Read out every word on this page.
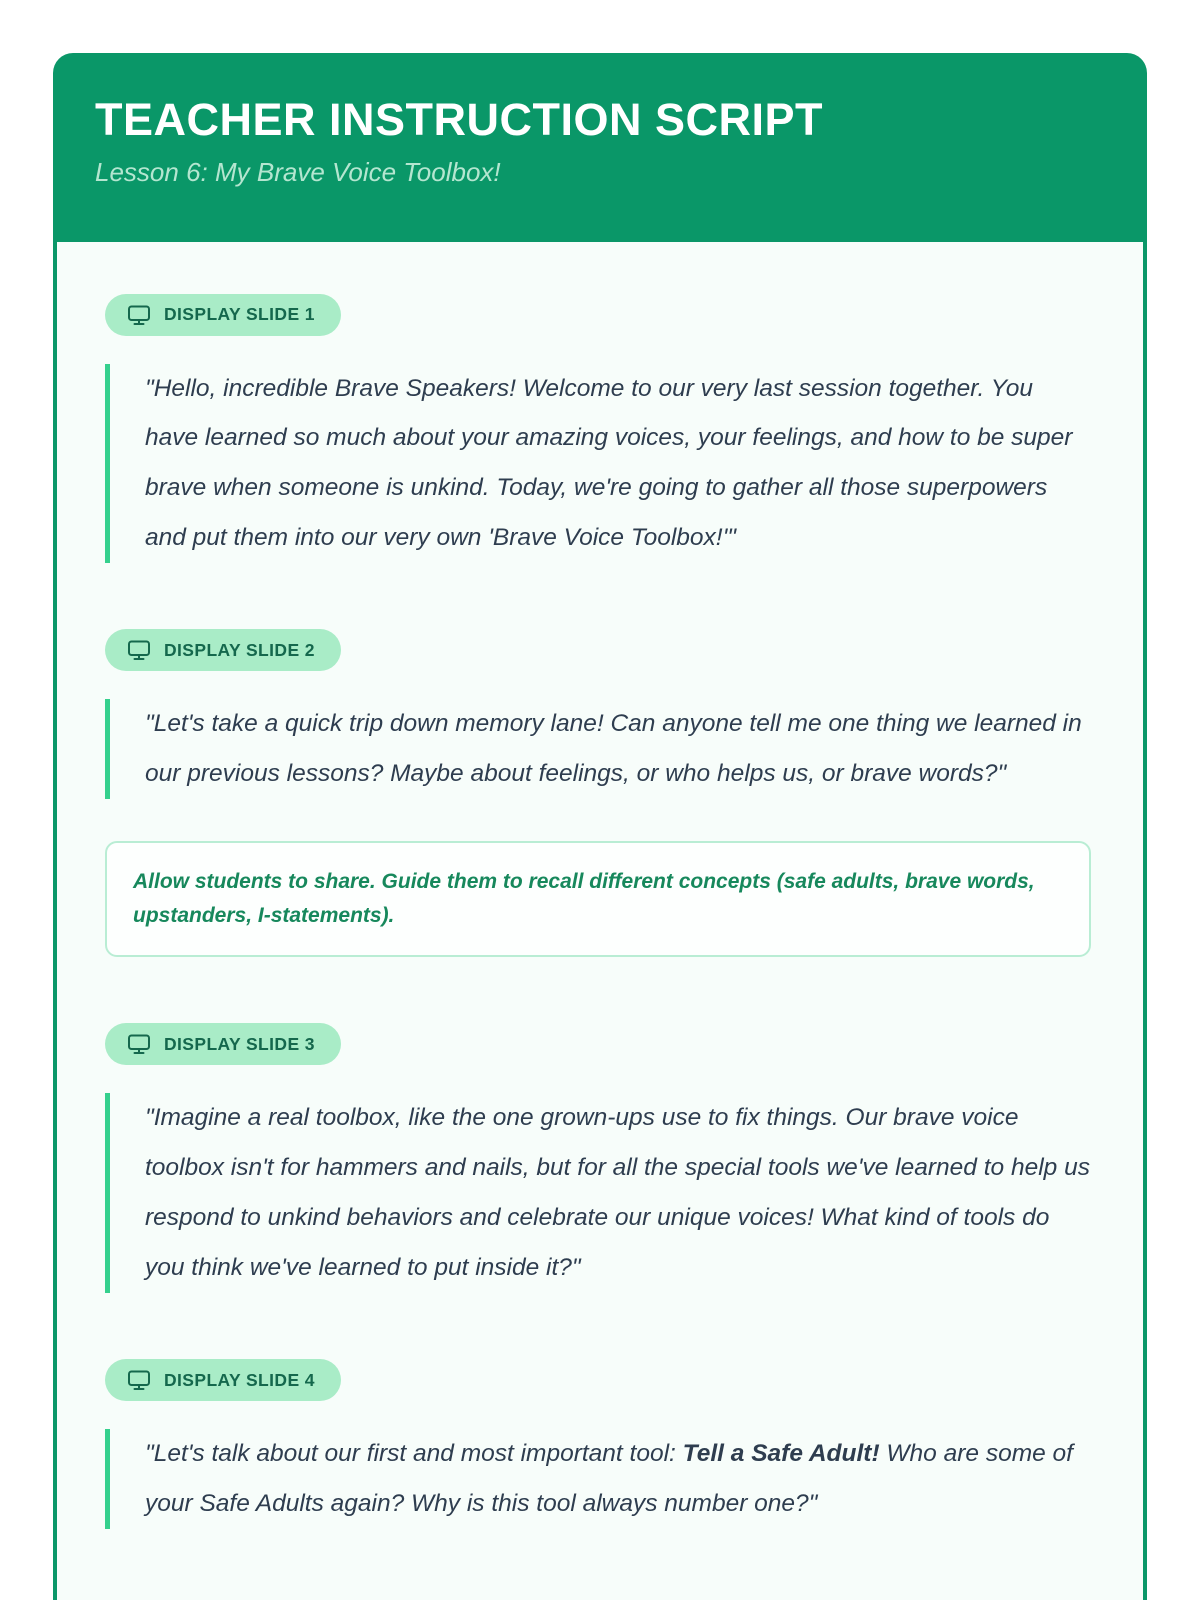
TEACHER INSTRUCTION SCRIPT
Lesson 6: My Brave Voice Toolbox!
DISPLAY SLIDE 1
"Hello, incredible Brave Speakers! Welcome to our very last session together. You have learned so much about your amazing voices, your feelings, and how to be super brave when someone is unkind. Today, we're going to gather all those superpowers and put them into our very own 'Brave Voice Toolbox!'"
DISPLAY SLIDE 2
"Let's take a quick trip down memory lane! Can anyone tell me one thing we learned in our previous lessons? Maybe about feelings, or who helps us, or brave words?"
Allow students to share. Guide them to recall different concepts (safe adults, brave words, upstanders, I-statements).
DISPLAY SLIDE 3
"Imagine a real toolbox, like the one grown-ups use to fix things. Our brave voice toolbox isn't for hammers and nails, but for all the special tools we've learned to help us respond to unkind behaviors and celebrate our unique voices! What kind of tools do you think we've learned to put inside it?"
DISPLAY SLIDE 4
"Let's talk about our first and most important tool: Tell a Safe Adult! Who are some of your Safe Adults again? Why is this tool always number one?"
